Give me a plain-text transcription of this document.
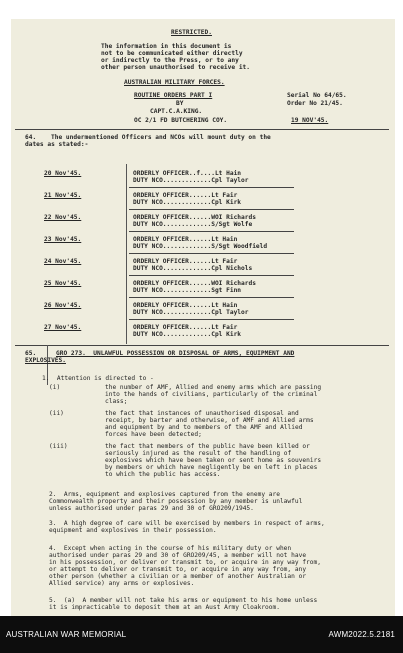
RESTRICTED.
The information in this document is
not to be communicated either directly
or indirectly to the Press, or to any
other person unauthorised to receive it.
AUSTRALIAN MILITARY FORCES.
ROUTINE ORDERS PART I
BY
CAPT.C.A.KING.
OC 2/1 FD BUTCHERING COY.
Serial No 64/65.
Order No 21/45.
19 NOV'45.
64. The undermentioned Officers and NCOs will mount duty on the
dates as stated:-
20 Nov'45.	ORDERLY OFFICER..f....Lt Hain
DUTY NCO.............Cpl Taylor
21 Nov'45.	ORDERLY OFFICER......Lt Fair
DUTY NCO.............Cpl Kirk
22 Nov'45.	ORDERLY OFFICER......WOI Richards
DUTY NCO.............S/Sgt Wolfe
23 Nov'45.	ORDERLY OFFICER......Lt Hain
DUTY NCO.............S/Sgt Woodfield
24 Nov'45.	ORDERLY OFFICER......Lt Fair
DUTY NCO.............Cpl Nichols
25 Nov'45.	ORDERLY OFFICER......WOI Richards
DUTY NCO.............Sgt Finn
26 Nov'45.	ORDERLY OFFICER......Lt Hain
DUTY NCO.............Cpl Taylor
27 Nov'45.	ORDERLY OFFICER......Lt Fair
DUTY NCO.............Cpl Kirk
65.	GRO 273.  UNLAWFUL POSSESSION OR DISPOSAL OF ARMS, EQUIPMENT AND
EXPLOSIVES.
1.  Attention is directed to -
(i)	the number of AMF, Allied and enemy arms which are passing
into the hands of civilians, particularly of the criminal
class;
(ii)	the fact that instances of unauthorised disposal and
receipt, by barter and otherwise, of AMF and Allied arms
and equipment by and to members of the AMF and Allied
forces have been detected;
(iii)	the fact that members of the public have been killed or
seriously injured as the result of the handling of
explosives which have been taken or sent home as souvenirs
by members or which have negligently be en left in places
to which the public has access.
2.  Arms, equipment and explosives captured from the enemy are
Commonwealth property and their possession by any member is unlawful
unless authorised under paras 29 and 30 of GRO209/1945.
3.  A high degree of care will be exercised by members in respect of arms,
equipment and explosives in their possession.
4.  Except when acting in the course of his military duty or when
authorised under paras 29 and 30 of GRO209/45, a member will not have
in his possession, or deliver or transmit to, or acquire in any way from,
or attempt to deliver or transmit to, or acquire in any way from, any
other person (whether a civilian or a member of another Australian or
Allied service) any arms or explosives.
5.  (a)  A member will not take his arms or equipment to his home unless
it is impracticable to deposit them at an Aust Army Cloakroom.
AUSTRALIAN WAR MEMORIAL	AWM2022.5.2181
